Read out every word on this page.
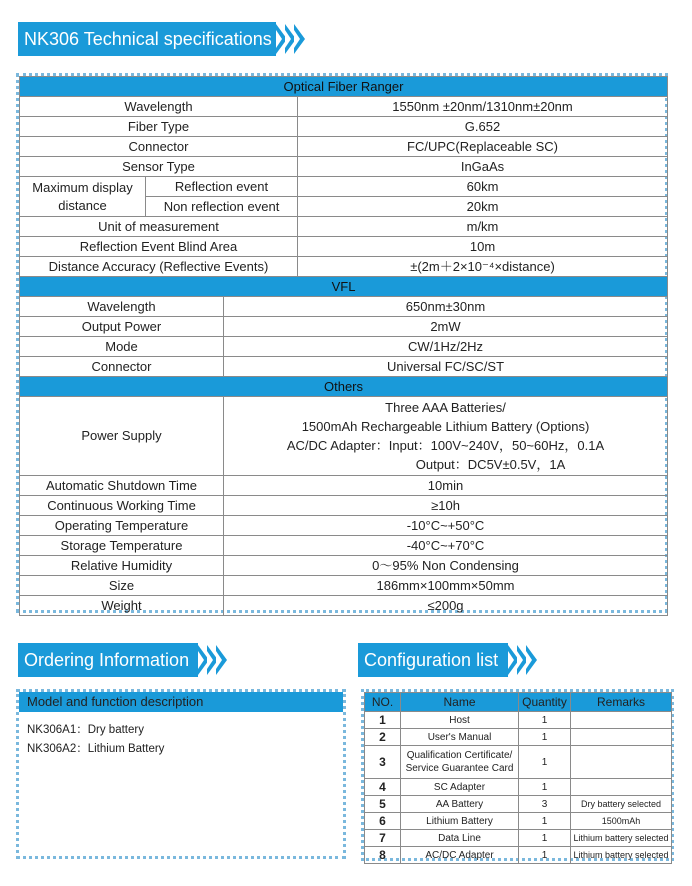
NK306 Technical specifications
Optical Fiber Ranger			
Wavelength			1550nm ±20nm/1310nm±20nm
Fiber Type			G.652
Connector			FC/UPC(Replaceable SC)
Sensor Type			InGaAs
Maximum display distance	Reflection event		60km
	Non reflection event		20km
Unit of measurement			m/km
Reflection Event Blind Area			10m
Distance Accuracy (Reflective Events)			±(2m＋2×10⁻⁴×distance)
VFL			
Wavelength		650nm±30nm	
Output Power		2mW	
Mode		CW/1Hz/2Hz	
Connector		Universal FC/SC/ST	
Others			
Power Supply		Three AAA Batteries/
1500mAh Rechargeable Lithium Battery (Options)
AC/DC Adapter：Input：100V~240V，50~60Hz，0.1A
Output：DC5V±0.5V，1A	

Automatic Shutdown Time		10min	
Continuous Working Time		≥10h	
Operating Temperature		-10°C~+50°C	
Storage Temperature		-40°C~+70°C	
Relative Humidity		0～95% Non Condensing	
Size		186mm×100mm×50mm	
Weight		≤200g	
Ordering Information
Model and function description
NK306A1：Dry battery
NK306A2：Lithium Battery
Configuration list
NO.	Name	Quantity	Remarks
1	Host	1	
2	User's Manual	1	
3	Qualification Certificate/ Service Guarantee Card	1	
4	SC Adapter	1	
5	AA Battery	3	Dry battery selected
6	Lithium Battery	1	1500mAh
7	Data Line	1	Lithium battery selected
8	AC/DC Adapter	1	Lithium battery selected
